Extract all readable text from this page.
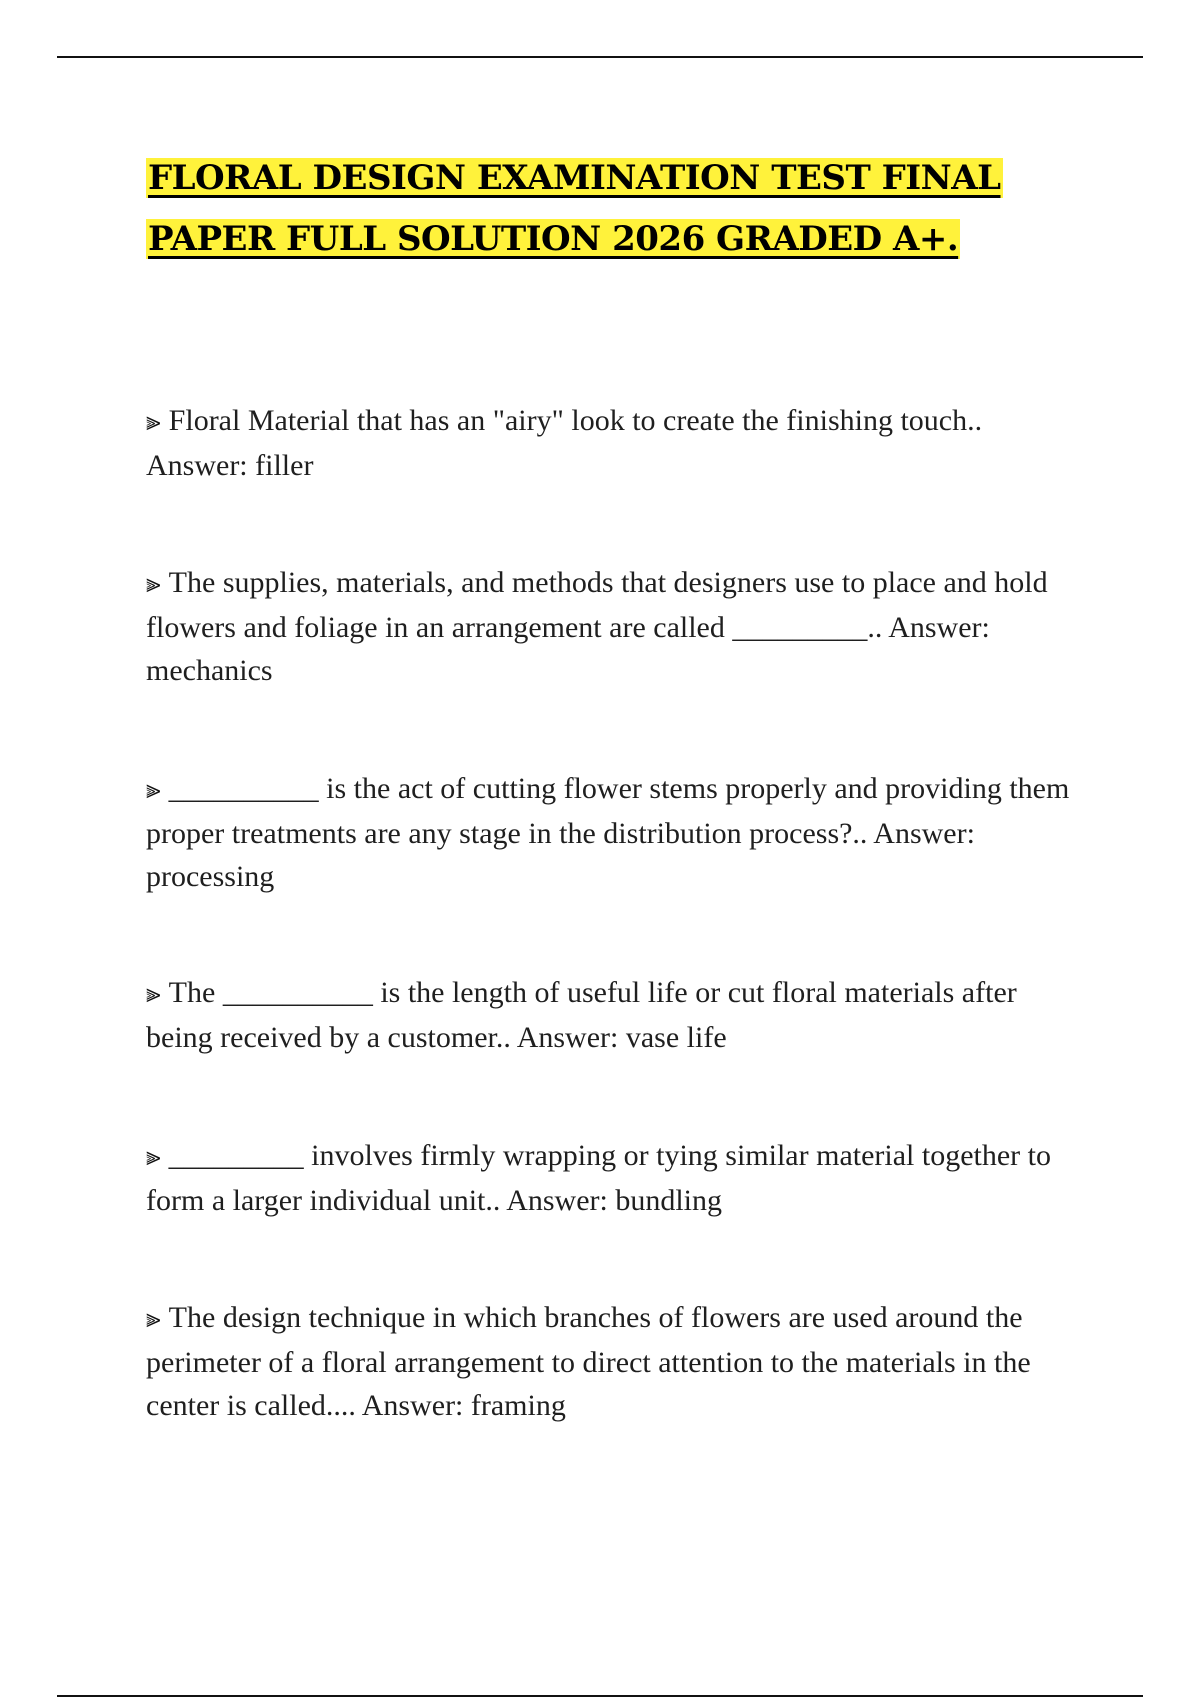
FLORAL DESIGN EXAMINATION TEST FINAL PAPER FULL SOLUTION 2026 GRADED A+.

⫸ Floral Material that has an "airy" look to create the finishing touch.. Answer: filler

⫸ The supplies, materials, and methods that designers use to place and hold flowers and foliage in an arrangement are called _________.. Answer: mechanics

⫸ __________ is the act of cutting flower stems properly and providing them proper treatments are any stage in the distribution process?.. Answer: processing

⫸ The __________ is the length of useful life or cut floral materials after being received by a customer.. Answer: vase life

⫸ _________ involves firmly wrapping or tying similar material together to form a larger individual unit.. Answer: bundling

⫸ The design technique in which branches of flowers are used around the perimeter of a floral arrangement to direct attention to the materials in the center is called.... Answer: framing
